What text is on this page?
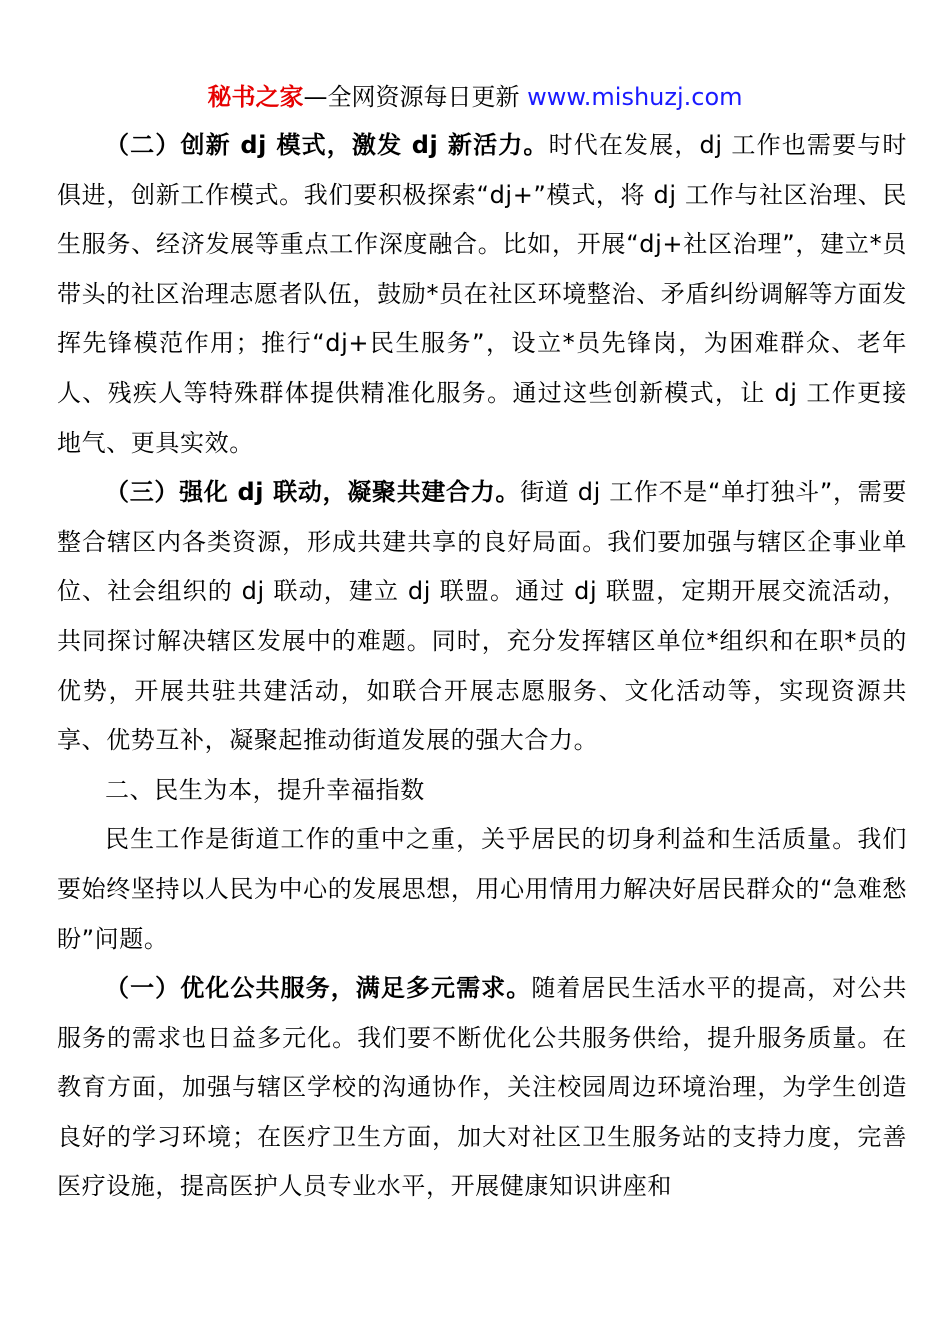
秘书之家—全网资源每日更新 www.mishuzj.com

（二）创新 dj 模式，激发 dj 新活力。时代在发展，dj 工作也需要与时俱进，创新工作模式。我们要积极探索“dj+”模式，将 dj 工作与社区治理、民生服务、经济发展等重点工作深度融合。比如，开展“dj+社区治理”，建立*员带头的社区治理志愿者队伍，鼓励*员在社区环境整治、矛盾纠纷调解等方面发挥先锋模范作用；推行“dj+民生服务”，设立*员先锋岗，为困难群众、老年人、残疾人等特殊群体提供精准化服务。通过这些创新模式，让 dj 工作更接地气、更具实效。

（三）强化 dj 联动，凝聚共建合力。街道 dj 工作不是“单打独斗”，需要整合辖区内各类资源，形成共建共享的良好局面。我们要加强与辖区企事业单位、社会组织的 dj 联动，建立 dj 联盟。通过 dj 联盟，定期开展交流活动，共同探讨解决辖区发展中的难题。同时，充分发挥辖区单位*组织和在职*员的优势，开展共驻共建活动，如联合开展志愿服务、文化活动等，实现资源共享、优势互补，凝聚起推动街道发展的强大合力。

二、民生为本，提升幸福指数

民生工作是街道工作的重中之重，关乎居民的切身利益和生活质量。我们要始终坚持以人民为中心的发展思想，用心用情用力解决好居民群众的“急难愁盼”问题。

（一）优化公共服务，满足多元需求。随着居民生活水平的提高，对公共服务的需求也日益多元化。我们要不断优化公共服务供给，提升服务质量。在教育方面，加强与辖区学校的沟通协作，关注校园周边环境治理，为学生创造良好的学习环境；在医疗卫生方面，加大对社区卫生服务站的支持力度，完善医疗设施，提高医护人员专业水平，开展健康知识讲座和
